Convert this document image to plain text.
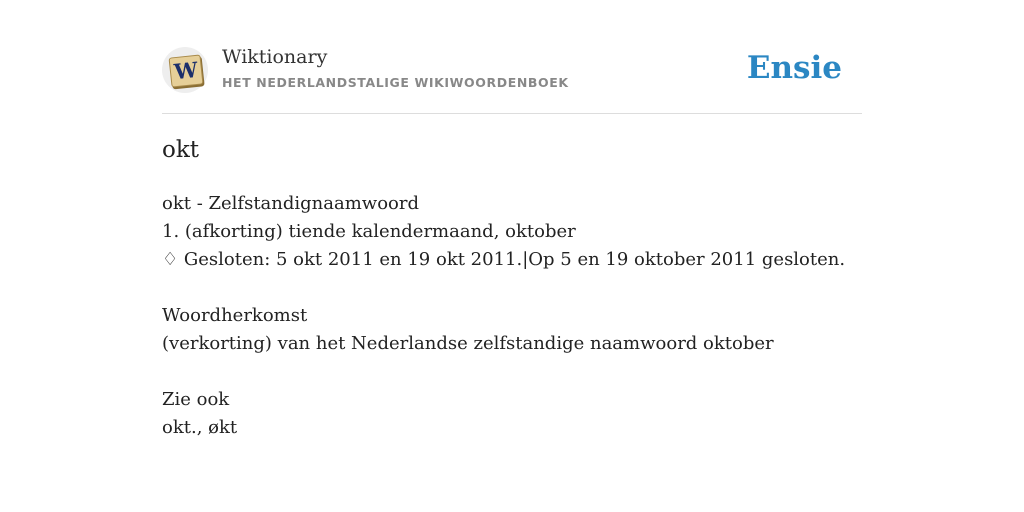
W Wiktionary
HET NEDERLANDSTALIGE WIKIWOORDENBOEK	Ensie
okt
okt - Zelfstandignaamwoord
1. (afkorting) tiende kalendermaand, oktober
♢ Gesloten: 5 okt 2011 en 19 okt 2011.|Op 5 en 19 oktober 2011 gesloten.
Woordherkomst
(verkorting) van het Nederlandse zelfstandige naamwoord oktober
Zie ook
okt., økt
